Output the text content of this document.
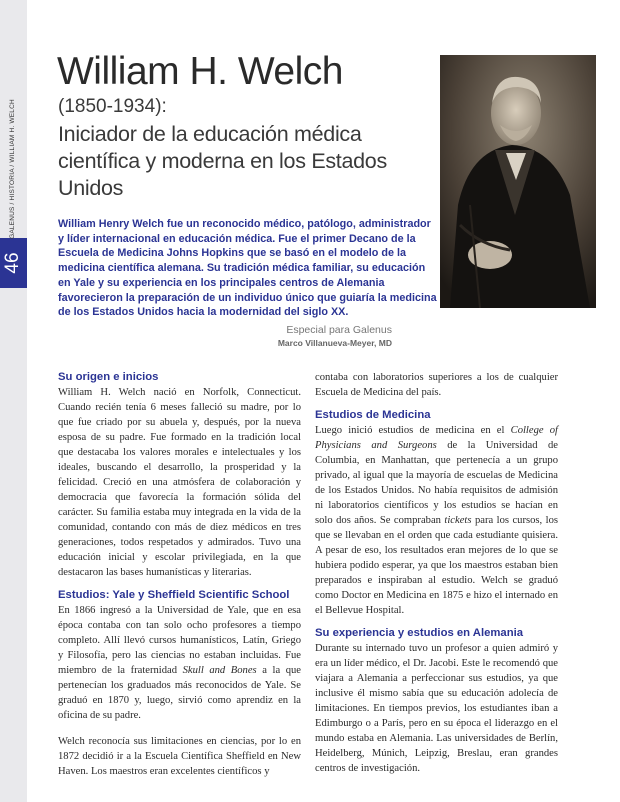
46
GALENUS / HISTORIA / WILLIAM H. WELCH
William H. Welch
(1850-1934):
Iniciador de la educación médica científica y moderna en los Estados Unidos
William Henry Welch fue un reconocido médico, patólogo, administrador y líder internacional en educación médica. Fue el primer Decano de la Escuela de Medicina Johns Hopkins que se basó en el modelo de la medicina científica alemana. Su tradición médica familiar, su educación en Yale y su experiencia en los principales centros de Alemania favorecieron la preparación de un individuo único que guiaría la medicina de los Estados Unidos hacia la modernidad del siglo XX.
Especial para Galenus
Marco Villanueva-Meyer, MD
Su origen e inicios

William H. Welch nació en Norfolk, Connecticut. Cuando recién tenía 6 meses falleció su madre, por lo que fue criado por su abuela y, después, por la nueva esposa de su padre. Fue formado en la tradición local que destacaba los valores morales e intelectuales y los ideales, buscando el desarrollo, la prosperidad y la felicidad. Creció en una atmósfera de colaboración y democracia que favorecía la formación sólida del carácter. Su familia estaba muy integrada en la vida de la comunidad, contando con más de diez médicos en tres generaciones, todos respetados y admirados. Tuvo una educación inicial y escolar privilegiada, en la que destacaron las bases humanísticas y literarias.

Estudios: Yale y Sheffield Scientific School

En 1866 ingresó a la Universidad de Yale, que en esa época contaba con tan solo ocho profesores a tiempo completo. Allí llevó cursos humanísticos, Latín, Griego y Filosofía, pero las ciencias no estaban incluidas. Fue miembro de la fraternidad Skull and Bones a la que pertenecían los graduados más reconocidos de Yale. Se graduó en 1870 y, luego, sirvió como aprendiz en la oficina de su padre.

Welch reconocía sus limitaciones en ciencias, por lo en 1872 decidió ir a la Escuela Científica Sheffield en New Haven. Los maestros eran excelentes científicos y

contaba con laboratorios superiores a los de cualquier Escuela de Medicina del país.

Estudios de Medicina

Luego inició estudios de medicina en el College of Physicians and Surgeons de la Universidad de Columbia, en Manhattan, que pertenecía a un grupo privado, al igual que la mayoría de escuelas de Medicina de los Estados Unidos. No había requisitos de admisión ni laboratorios científicos y los estudios se hacían en solo dos años. Se compraban tickets para los cursos, los que se llevaban en el orden que cada estudiante quisiera. A pesar de eso, los resultados eran mejores de lo que se hubiera podido esperar, ya que los maestros estaban bien preparados e inspiraban al estudio. Welch se graduó como Doctor en Medicina en 1875 e hizo el internado en el Bellevue Hospital.

Su experiencia y estudios en Alemania

Durante su internado tuvo un profesor a quien admiró y era un líder médico, el Dr. Jacobi. Este le recomendó que viajara a Alemania a perfeccionar sus estudios, ya que inclusive él mismo sabía que su educación adolecía de limitaciones. En tiempos previos, los estudiantes iban a Edimburgo o a París, pero en su época el liderazgo en el mundo estaba en Alemania. Las universidades de Berlín, Heidelberg, Múnich, Leipzig, Breslau, eran grandes centros de investigación.
